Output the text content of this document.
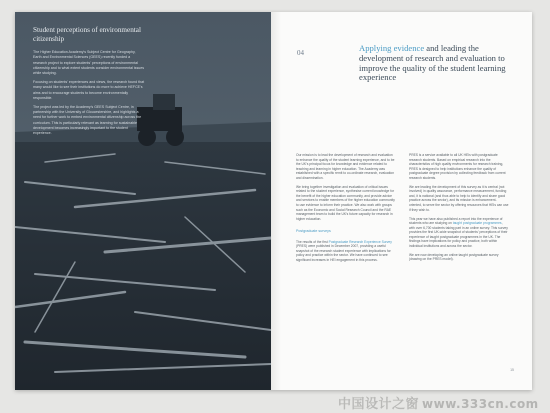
Student perceptions of environmental citizenship

The Higher Education Academy's Subject Centre for Geography, Earth and Environmental Sciences (GEES) recently funded a research project to explore students' perceptions of environmental citizenship and to what extent students consider environmental issues while studying.

Focusing on students' experiences and views, the research found that many would like to see their institutions do more to achieve HEFCE's aims and to encourage students to become environmentally responsible.

The project was led by the Academy's GEES Subject Centre, in partnership with the University of Gloucestershire, and highlights a need for further work to embed environmental citizenship across the curriculum. This is particularly relevant as learning for sustainable development becomes increasingly important to the student experience.

04	Applying evidence and leading the development of research and evaluation to improve the quality of the student learning experience

Our mission is to lead the development of research and evaluation to enhance the quality of the student learning experience, and to be the UK's principal focus for knowledge and evidence related to teaching and learning in higher education. The Academy was established with a specific remit to co-ordinate research, evaluation and dissemination.

We bring together investigation and evaluation of critical issues related to the student experience, synthesise current knowledge for the benefit of the higher education community, and provide advice and services to enable members of the higher education community to use evidence to inform their practice. We also work with groups such as the Economic and Social Research Council and the RAE management team to build the UK's future capacity for research in higher education.

Postgraduate surveys

The results of the first Postgraduate Research Experience Survey (PRES) were published in December 2007, providing a useful snapshot of the research student experience with implications for policy and practice within the sector. We have continued to see significant increases in HEI engagement in this process.

PRES is a service available to all UK HEIs with postgraduate research students. Based on empirical research into the characteristics of high quality environments for research training, PRES is designed to help institutions enhance the quality of postgraduate degree provision by collecting feedback from current research students.

We are leading the development of this survey as it is central (not involved) in quality assurance, performance measurement, funding and, it is national (and thus able to help to identify and share good practice across the sector), and its mission is enhancement-oriented, to serve the sector by offering resources that HEIs can use if they wish to.

This year we have also published a report into the experience of students who are studying on taught postgraduate programmes, with over 6,700 students taking part in an online survey. This survey provides the first UK-wide snapshot of students' perceptions of their experience of taught postgraduate programmes in the UK. The findings have implications for policy and practice, both within individual institutions and across the sector.

We are now developing an online taught postgraduate survey (drawing on the PRES model).

15

中国设计之窗 www.333cn.com
